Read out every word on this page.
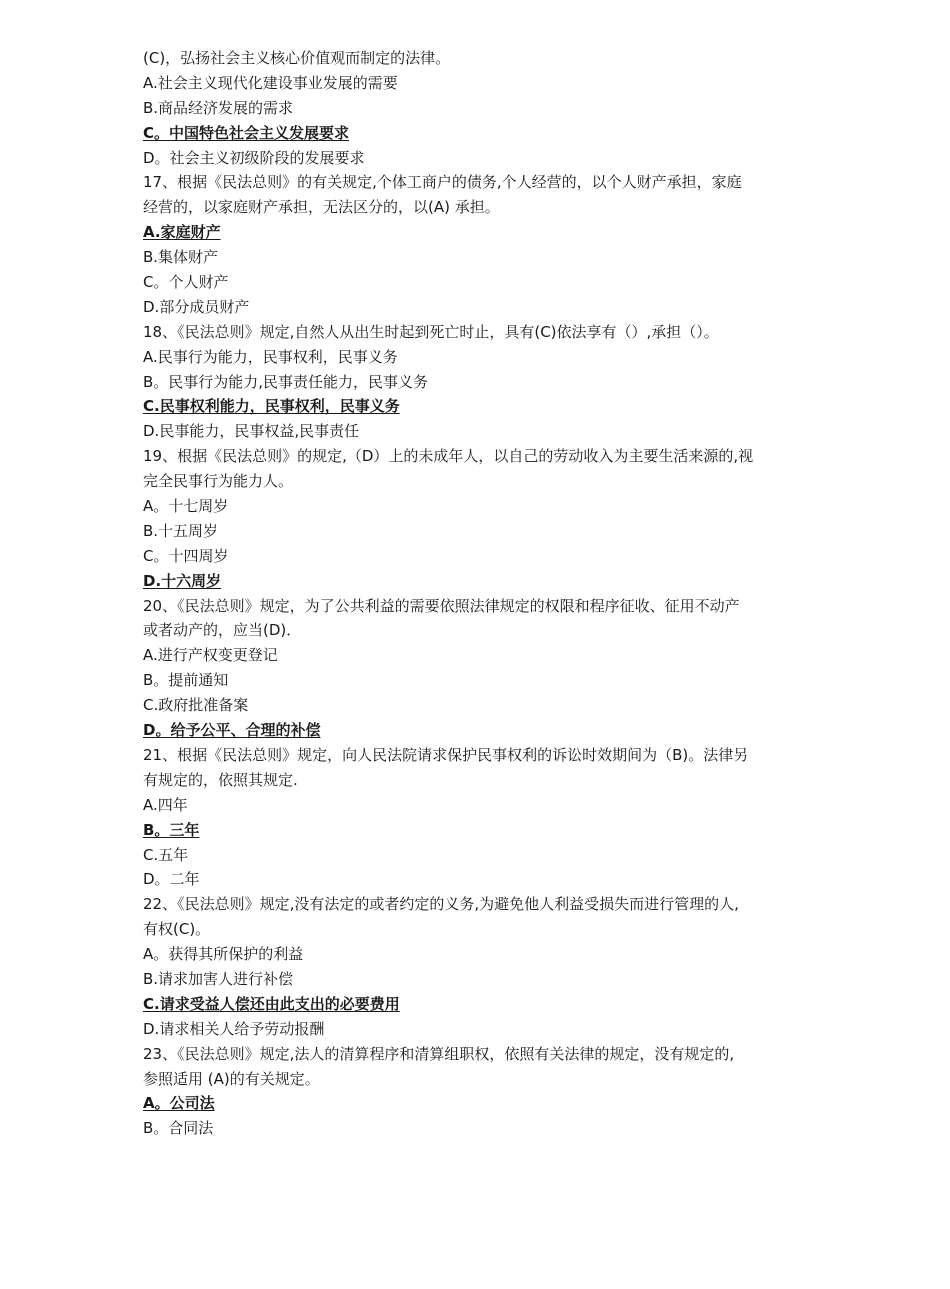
(C)，弘扬社会主义核心价值观而制定的法律。
A.社会主义现代化建设事业发展的需要
B.商品经济发展的需求
C。中国特色社会主义发展要求
D。社会主义初级阶段的发展要求
17、根据《民法总则》的有关规定,个体工商户的债务,个人经营的，以个人财产承担，家庭
经营的，以家庭财产承担，无法区分的，以(A) 承担。
A.家庭财产
B.集体财产
C。个人财产
D.部分成员财产
18、《民法总则》规定,自然人从出生时起到死亡时止，具有(C)依法享有（）,承担（）。
A.民事行为能力，民事权利，民事义务
B。民事行为能力,民事责任能力，民事义务
C.民事权利能力，民事权利，民事义务
D.民事能力，民事权益,民事责任
19、根据《民法总则》的规定,（D）上的未成年人，以自己的劳动收入为主要生活来源的,视
完全民事行为能力人。
A。十七周岁
B.十五周岁
C。十四周岁
D.十六周岁
20、《民法总则》规定，为了公共利益的需要依照法律规定的权限和程序征收、征用不动产
或者动产的，应当(D)．
A.进行产权变更登记
B。提前通知
C.政府批准备案
D。给予公平、合理的补偿
21、根据《民法总则》规定，向人民法院请求保护民事权利的诉讼时效期间为（B)。法律另
有规定的，依照其规定.
A.四年
B。三年
C.五年
D。二年
22、《民法总则》规定,没有法定的或者约定的义务,为避免他人利益受损失而进行管理的人,
有权(C)。
A。获得其所保护的利益
B.请求加害人进行补偿
C.请求受益人偿还由此支出的必要费用
D.请求相关人给予劳动报酬
23、《民法总则》规定,法人的清算程序和清算组职权，依照有关法律的规定，没有规定的,
参照适用 (A)的有关规定。
A。公司法
B。合同法
